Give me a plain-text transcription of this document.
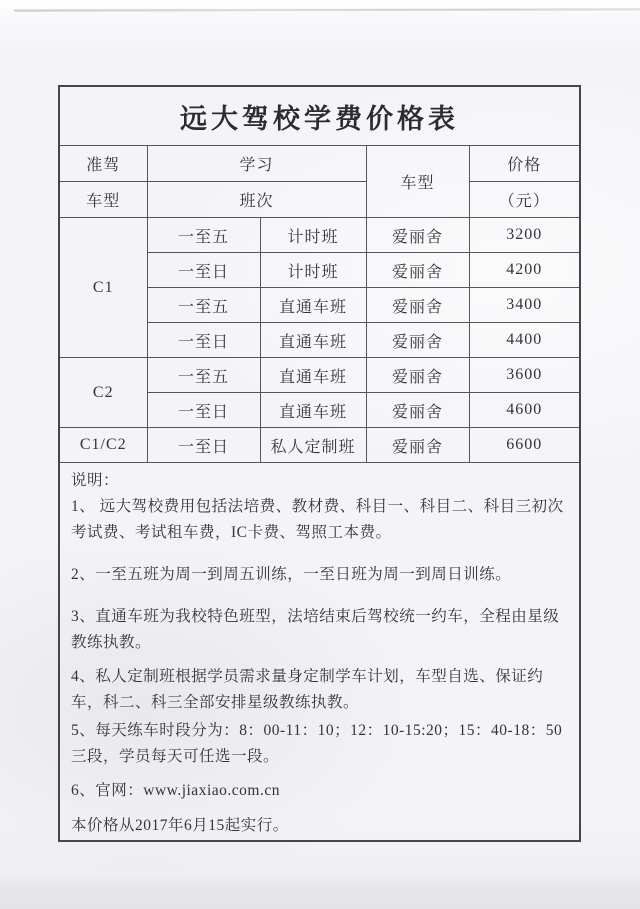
远大驾校学费价格表				
准驾	学习		车型	价格
车型	班次			（元）
C1	一至五	计时班	爱丽舍	3200
	一至日	计时班	爱丽舍	4200
	一至五	直通车班	爱丽舍	3400
	一至日	直通车班	爱丽舍	4400
C2	一至五	直通车班	爱丽舍	3600
	一至日	直通车班	爱丽舍	4600
C1/C2	一至日	私人定制班	爱丽舍	6600

说明：

1、 远大驾校费用包括法培费、教材费、科目一、科目二、科目三初次考试费、考试租车费，IC卡费、驾照工本费。

2、一至五班为周一到周五训练，一至日班为周一到周日训练。

3、直通车班为我校特色班型，法培结束后驾校统一约车，全程由星级教练执教。

4、私人定制班根据学员需求量身定制学车计划，车型自选、保证约车，科二、科三全部安排星级教练执教。

5、每天练车时段分为：8：00-11：10；12：10-15:20；15：40-18：50三段，学员每天可任选一段。

6、官网：www.jiaxiao.com.cn

本价格从2017年6月15起实行。
